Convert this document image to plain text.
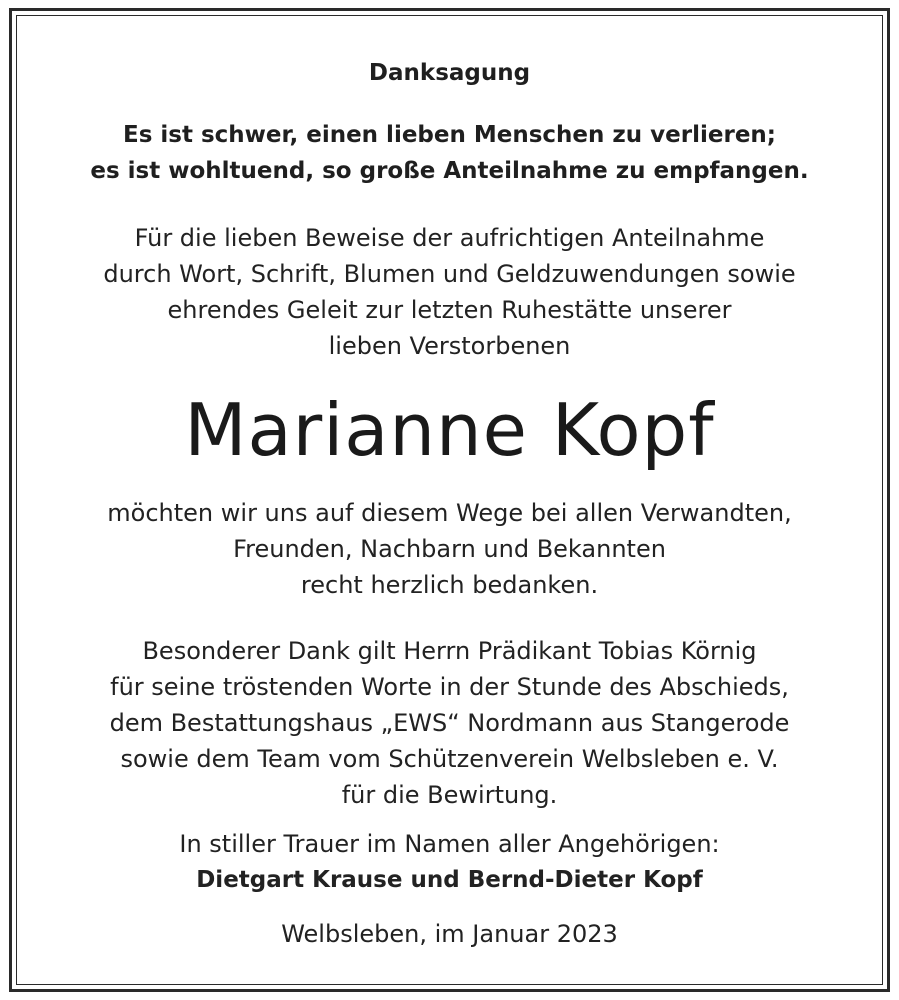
Danksagung
Es ist schwer, einen lieben Menschen zu verlieren;
es ist wohltuend, so große Anteilnahme zu empfangen.
Für die lieben Beweise der aufrichtigen Anteilnahme
durch Wort, Schrift, Blumen und Geldzuwendungen sowie
ehrendes Geleit zur letzten Ruhestätte unserer
lieben Verstorbenen
Marianne Kopf
möchten wir uns auf diesem Wege bei allen Verwandten,
Freunden, Nachbarn und Bekannten
recht herzlich bedanken.
Besonderer Dank gilt Herrn Prädikant Tobias Körnig
für seine tröstenden Worte in der Stunde des Abschieds,
dem Bestattungshaus „EWS“ Nordmann aus Stangerode
sowie dem Team vom Schützenverein Welbsleben e. V.
für die Bewirtung.
In stiller Trauer im Namen aller Angehörigen:
Dietgart Krause und Bernd-Dieter Kopf
Welbsleben, im Januar 2023
